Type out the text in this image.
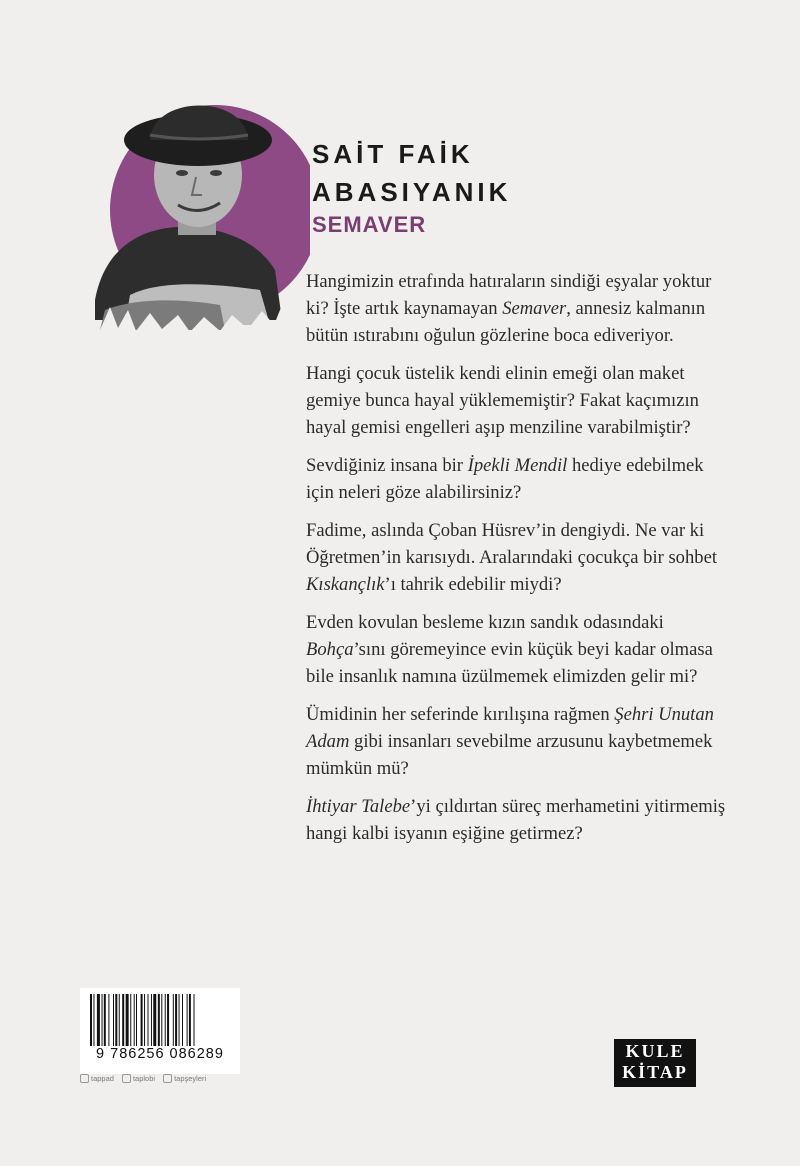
SAİT FAİK
ABASIYANIK
SEMAVER

Hangimizin etrafında hatıraların sindiği eşyalar yoktur ki? İşte artık kaynamayan Semaver, annesiz kalmanın bütün ıstırabını oğulun gözlerine boca ediveriyor.

Hangi çocuk üstelik kendi elinin emeği olan maket gemiye bunca hayal yüklememiştir? Fakat kaçımızın hayal gemisi engelleri aşıp menziline varabilmiştir?

Sevdiğiniz insana bir İpekli Mendil hediye edebilmek için neleri göze alabilirsiniz?

Fadime, aslında Çoban Hüsrev’in dengiydi. Ne var ki Öğretmen’in karısıydı. Aralarındaki çocukça bir sohbet Kıskançlık’ı tahrik edebilir miydi?

Evden kovulan besleme kızın sandık odasındaki Bohça’sını göremeyince evin küçük beyi kadar olmasa bile insanlık namına üzülmemek elimizden gelir mi?

Ümidinin her seferinde kırılışına rağmen Şehri Unutan Adam gibi insanları sevebilme arzusunu kaybetmemek mümkün mü?

İhtiyar Talebe’yi çıldırtan süreç merhametini yitirmemiş hangi kalbi isyanın eşiğine getirmez?

9 786256 086289
tappad	taplobi	tapşeyleri
KULE
KİTAP
